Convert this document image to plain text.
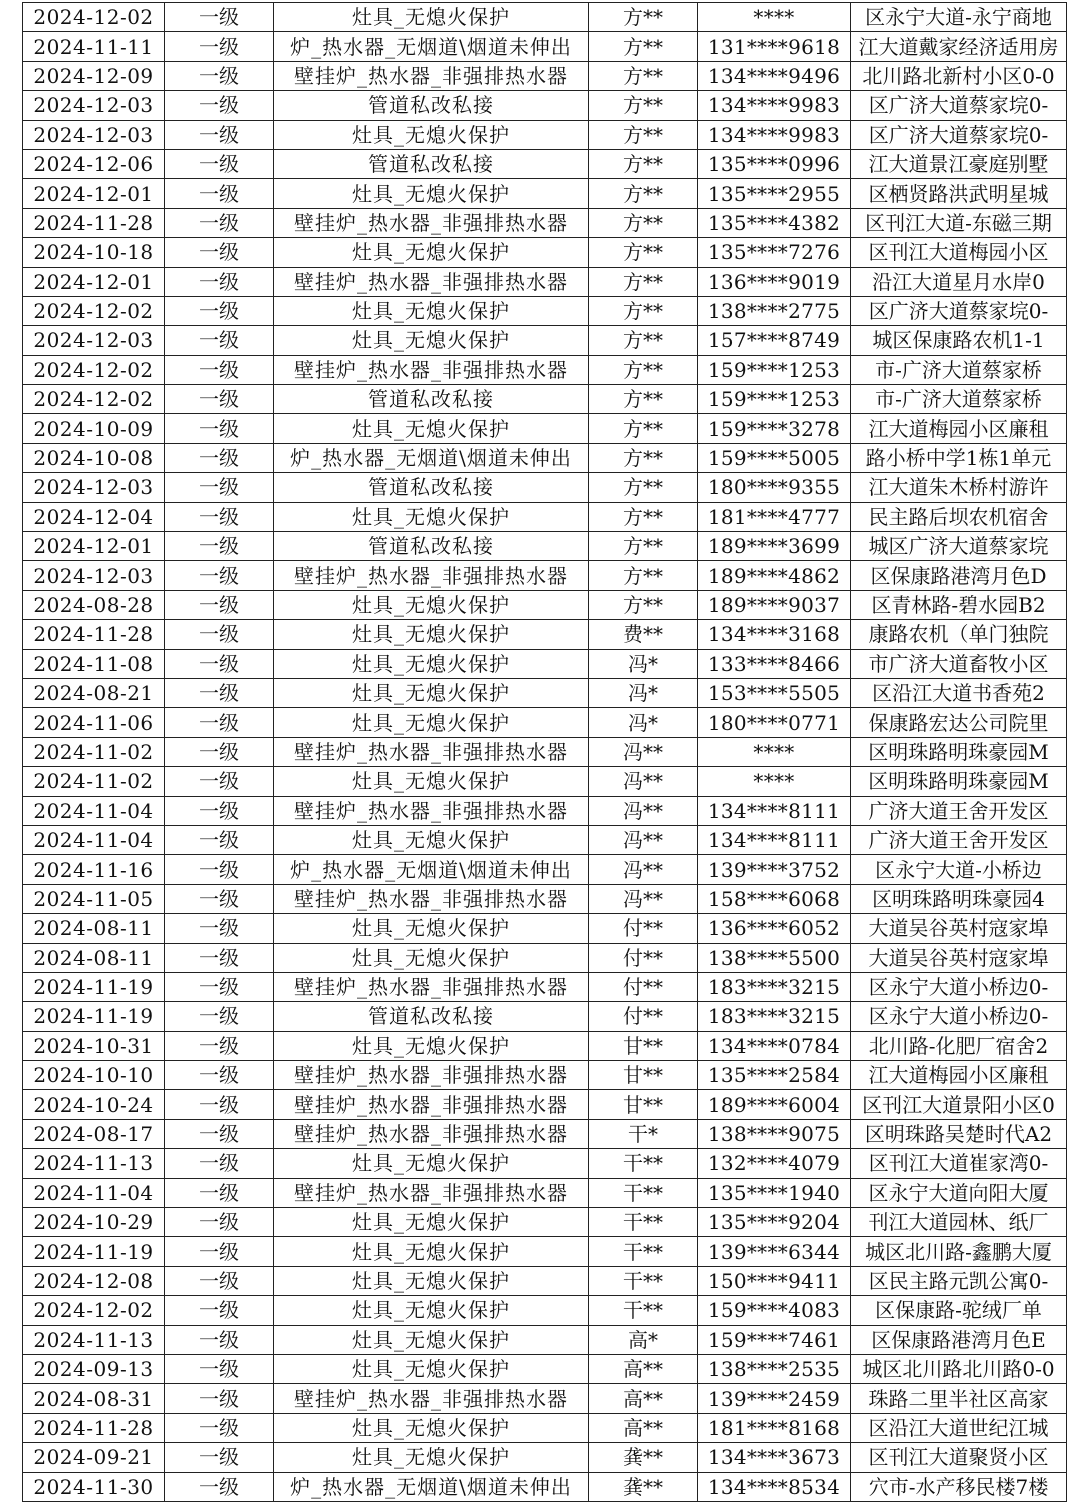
2024-12-02	一级	灶具_无熄火保护	方**	****	区永宁大道-永宁商地
2024-11-11	一级	炉_热水器_无烟道\烟道未伸出	方**	131****9618	江大道戴家经济适用房
2024-12-09	一级	壁挂炉_热水器_非强排热水器	方**	134****9496	北川路北新村小区0-0
2024-12-03	一级	管道私改私接	方**	134****9983	区广济大道蔡家垸0-
2024-12-03	一级	灶具_无熄火保护	方**	134****9983	区广济大道蔡家垸0-
2024-12-06	一级	管道私改私接	方**	135****0996	江大道景江豪庭别墅
2024-12-01	一级	灶具_无熄火保护	方**	135****2955	区栖贤路洪武明星城
2024-11-28	一级	壁挂炉_热水器_非强排热水器	方**	135****4382	区刊江大道-东磁三期
2024-10-18	一级	灶具_无熄火保护	方**	135****7276	区刊江大道梅园小区
2024-12-01	一级	壁挂炉_热水器_非强排热水器	方**	136****9019	沿江大道星月水岸0
2024-12-02	一级	灶具_无熄火保护	方**	138****2775	区广济大道蔡家垸0-
2024-12-03	一级	灶具_无熄火保护	方**	157****8749	城区保康路农机1-1
2024-12-02	一级	壁挂炉_热水器_非强排热水器	方**	159****1253	市-广济大道蔡家桥
2024-12-02	一级	管道私改私接	方**	159****1253	市-广济大道蔡家桥
2024-10-09	一级	灶具_无熄火保护	方**	159****3278	江大道梅园小区廉租
2024-10-08	一级	炉_热水器_无烟道\烟道未伸出	方**	159****5005	路小桥中学1栋1单元
2024-12-03	一级	管道私改私接	方**	180****9355	江大道朱木桥村游许
2024-12-04	一级	灶具_无熄火保护	方**	181****4777	民主路后坝农机宿舍
2024-12-01	一级	管道私改私接	方**	189****3699	城区广济大道蔡家垸
2024-12-03	一级	壁挂炉_热水器_非强排热水器	方**	189****4862	区保康路港湾月色D
2024-08-28	一级	灶具_无熄火保护	方**	189****9037	区青林路-碧水园B2
2024-11-28	一级	灶具_无熄火保护	费**	134****3168	康路农机（单门独院
2024-11-08	一级	灶具_无熄火保护	冯*	133****8466	市广济大道畜牧小区
2024-08-21	一级	灶具_无熄火保护	冯*	153****5505	区沿江大道书香苑2
2024-11-06	一级	灶具_无熄火保护	冯*	180****0771	保康路宏达公司院里
2024-11-02	一级	壁挂炉_热水器_非强排热水器	冯**	****	区明珠路明珠豪园M
2024-11-02	一级	灶具_无熄火保护	冯**	****	区明珠路明珠豪园M
2024-11-04	一级	壁挂炉_热水器_非强排热水器	冯**	134****8111	广济大道王舍开发区
2024-11-04	一级	灶具_无熄火保护	冯**	134****8111	广济大道王舍开发区
2024-11-16	一级	炉_热水器_无烟道\烟道未伸出	冯**	139****3752	区永宁大道-小桥边
2024-11-05	一级	壁挂炉_热水器_非强排热水器	冯**	158****6068	区明珠路明珠豪园4
2024-08-11	一级	灶具_无熄火保护	付**	136****6052	大道吴谷英村寇家埠
2024-08-11	一级	灶具_无熄火保护	付**	138****5500	大道吴谷英村寇家埠
2024-11-19	一级	壁挂炉_热水器_非强排热水器	付**	183****3215	区永宁大道小桥边0-
2024-11-19	一级	管道私改私接	付**	183****3215	区永宁大道小桥边0-
2024-10-31	一级	灶具_无熄火保护	甘**	134****0784	北川路-化肥厂宿舍2
2024-10-10	一级	壁挂炉_热水器_非强排热水器	甘**	135****2584	江大道梅园小区廉租
2024-10-24	一级	壁挂炉_热水器_非强排热水器	甘**	189****6004	区刊江大道景阳小区0
2024-08-17	一级	壁挂炉_热水器_非强排热水器	干*	138****9075	区明珠路吴楚时代A2
2024-11-13	一级	灶具_无熄火保护	干**	132****4079	区刊江大道崔家湾0-
2024-11-04	一级	壁挂炉_热水器_非强排热水器	干**	135****1940	区永宁大道向阳大厦
2024-10-29	一级	灶具_无熄火保护	干**	135****9204	刊江大道园林、纸厂
2024-11-19	一级	灶具_无熄火保护	干**	139****6344	城区北川路-鑫鹏大厦
2024-12-08	一级	灶具_无熄火保护	干**	150****9411	区民主路元凯公寓0-
2024-12-02	一级	灶具_无熄火保护	干**	159****4083	区保康路-驼绒厂单
2024-11-13	一级	灶具_无熄火保护	高*	159****7461	区保康路港湾月色E
2024-09-13	一级	灶具_无熄火保护	高**	138****2535	城区北川路北川路0-0
2024-08-31	一级	壁挂炉_热水器_非强排热水器	高**	139****2459	珠路二里半社区高家
2024-11-28	一级	灶具_无熄火保护	高**	181****8168	区沿江大道世纪江城
2024-09-21	一级	灶具_无熄火保护	龚**	134****3673	区刊江大道聚贤小区
2024-11-30	一级	炉_热水器_无烟道\烟道未伸出	龚**	134****8534	穴市-水产移民楼7楼
